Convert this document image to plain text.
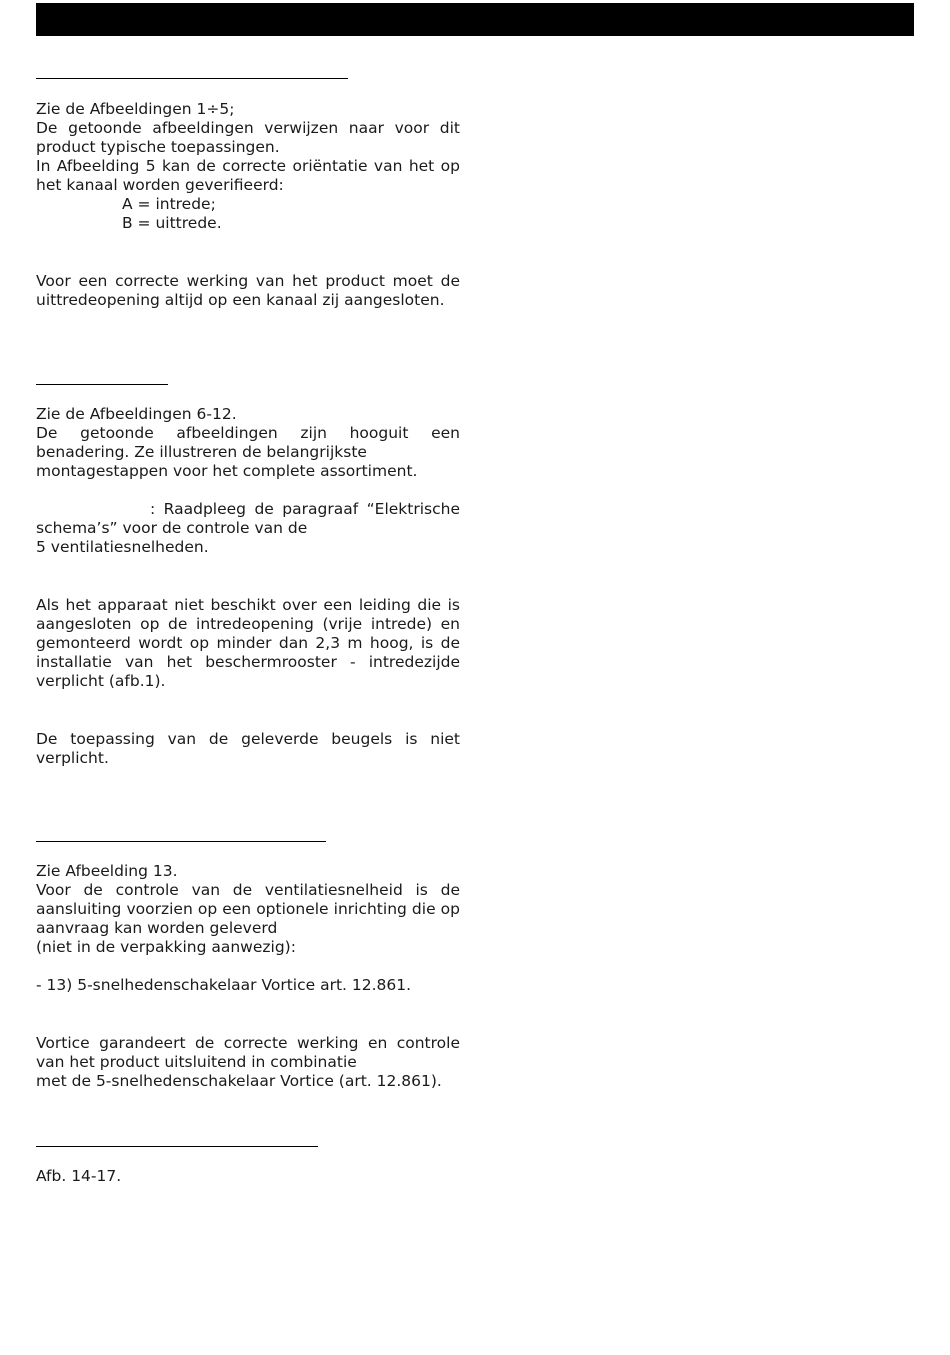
Zie de Afbeeldingen 1÷5;
De getoonde afbeeldingen verwijzen naar voor dit
product typische toepassingen.
In Afbeelding 5 kan de correcte oriëntatie van het op
het kanaal worden geverifieerd:
A = intrede;
B = uittrede.
Voor een correcte werking van het product moet de
uittredeopening altijd op een kanaal zij aangesloten.
Zie de Afbeeldingen 6-12.
De getoonde afbeeldingen zijn hooguit een
benadering. Ze illustreren de belangrijkste
montagestappen voor het complete assortiment.
: Raadpleeg de paragraaf “Elektrische
schema’s” voor de controle van de
5 ventilatiesnelheden.
Als het apparaat niet beschikt over een leiding die is
aangesloten op de intredeopening (vrije intrede) en
gemonteerd wordt op minder dan 2,3 m hoog, is de
installatie van het beschermrooster - intredezijde
verplicht (afb.1).
De toepassing van de geleverde beugels is niet
verplicht.
Zie Afbeelding 13.
Voor de controle van de ventilatiesnelheid is de
aansluiting voorzien op een optionele inrichting die op
aanvraag kan worden geleverd
(niet in de verpakking aanwezig):
- 13) 5-snelhedenschakelaar Vortice art. 12.861.
Vortice garandeert de correcte werking en controle
van het product uitsluitend in combinatie
met de 5-snelhedenschakelaar Vortice (art. 12.861).
Afb. 14-17.
